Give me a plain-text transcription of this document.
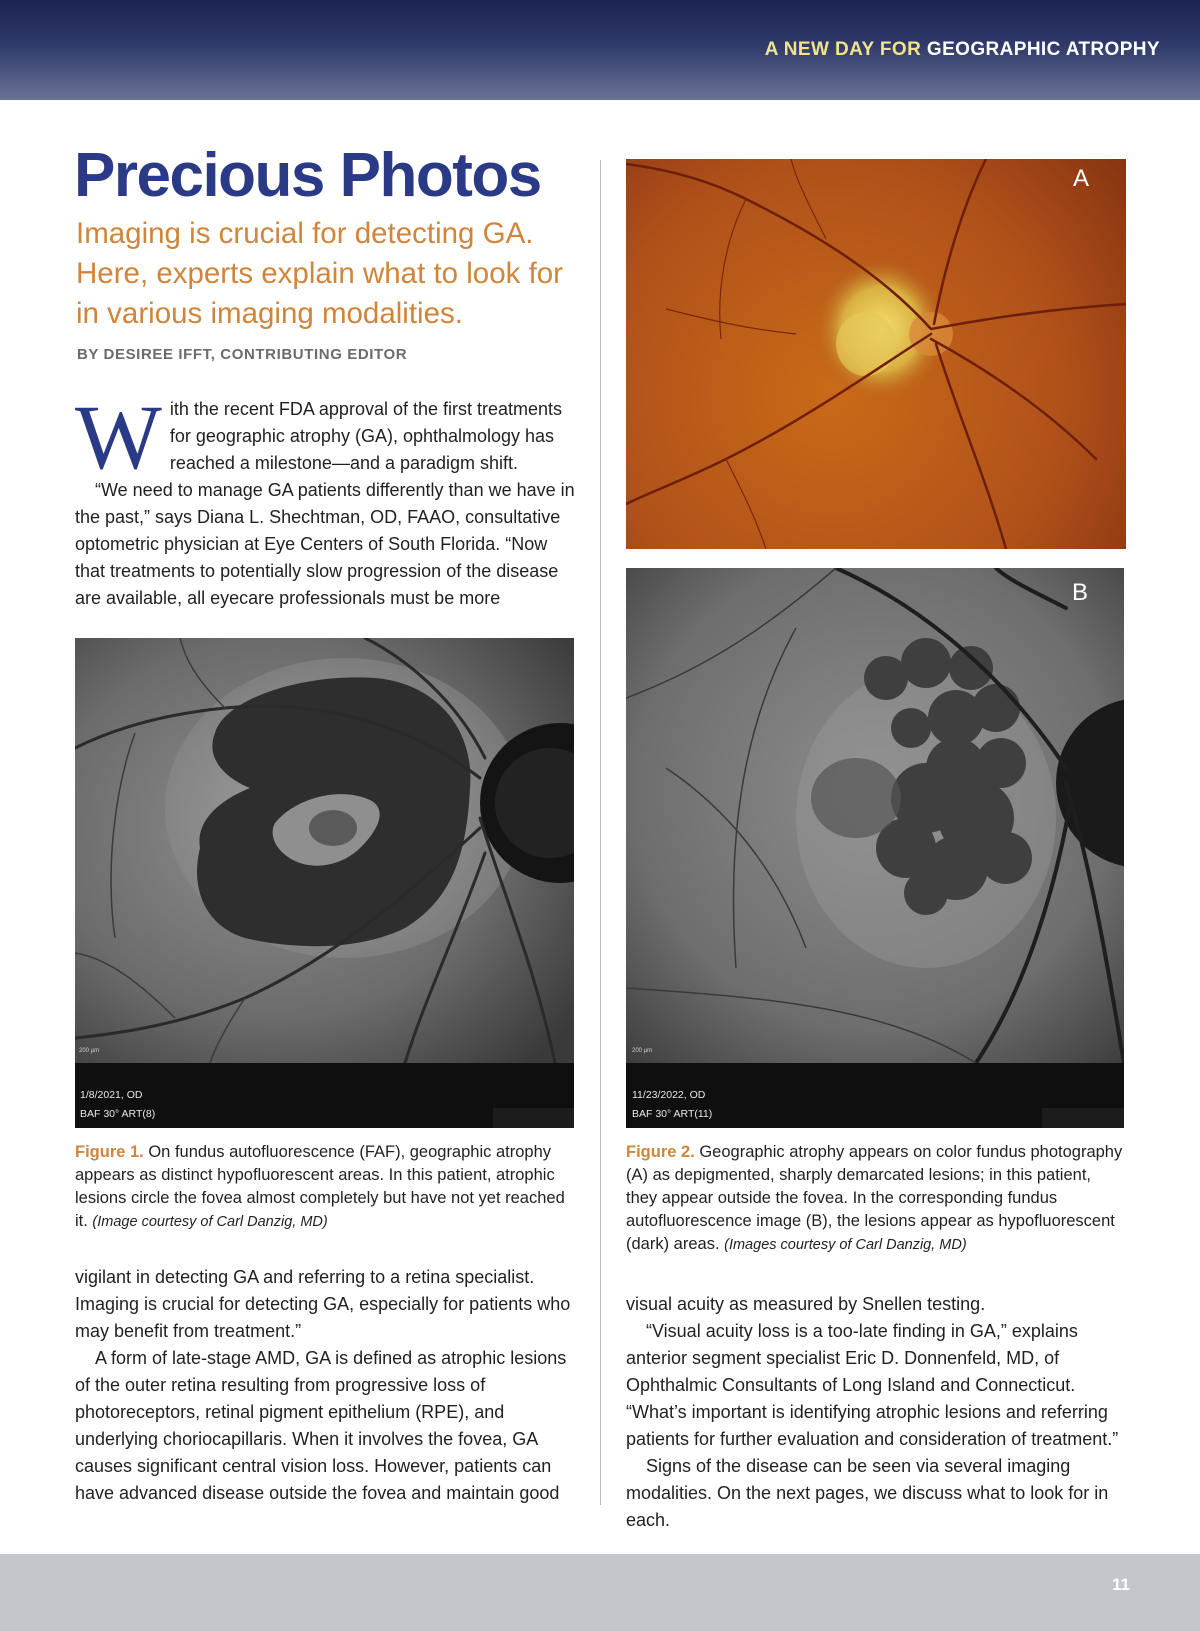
A NEW DAY FOR GEOGRAPHIC ATROPHY
Precious Photos
Imaging is crucial for detecting GA. Here, experts explain what to look for in various imaging modalities.
BY DESIREE IFFT, CONTRIBUTING EDITOR
W ith the recent FDA approval of the first treatments for geographic atrophy (GA), ophthalmology has reached a milestone—and a paradigm shift.

“We need to manage GA patients differently than we have in the past,” says Diana L. Shechtman, OD, FAAO, consultative optometric physician at Eye Centers of South Florida. “Now that treatments to potentially slow progression of the disease are available, all eyecare professionals must be more

200 µm
1/8/2021, OD
BAF 30° ART(8)
Figure 1. On fundus autofluorescence (FAF), geographic atrophy appears as distinct hypofluorescent areas. In this patient, atrophic lesions circle the fovea almost completely but have not yet reached it. (Image courtesy of Carl Danzig, MD)

vigilant in detecting GA and referring to a retina specialist. Imaging is crucial for detecting GA, especially for patients who may benefit from treatment.”

A form of late-stage AMD, GA is defined as atrophic lesions of the outer retina resulting from progressive loss of photoreceptors, retinal pigment epithelium (RPE), and underlying choriocapillaris. When it involves the fovea, GA causes significant central vision loss. However, patients can have advanced disease outside the fovea and maintain good

A
B
200 µm
11/23/2022, OD
BAF 30° ART(11)
Figure 2. Geographic atrophy appears on color fundus photography (A) as depigmented, sharply demarcated lesions; in this patient, they appear outside the fovea. In the corresponding fundus autofluorescence image (B), the lesions appear as hypofluorescent (dark) areas. (Images courtesy of Carl Danzig, MD)

visual acuity as measured by Snellen testing.

“Visual acuity loss is a too-late finding in GA,” explains anterior segment specialist Eric D. Donnenfeld, MD, of Ophthalmic Consultants of Long Island and Connecticut. “What’s important is identifying atrophic lesions and referring patients for further evaluation and consideration of treatment.”

Signs of the disease can be seen via several imaging modalities. On the next pages, we discuss what to look for in each.

11
